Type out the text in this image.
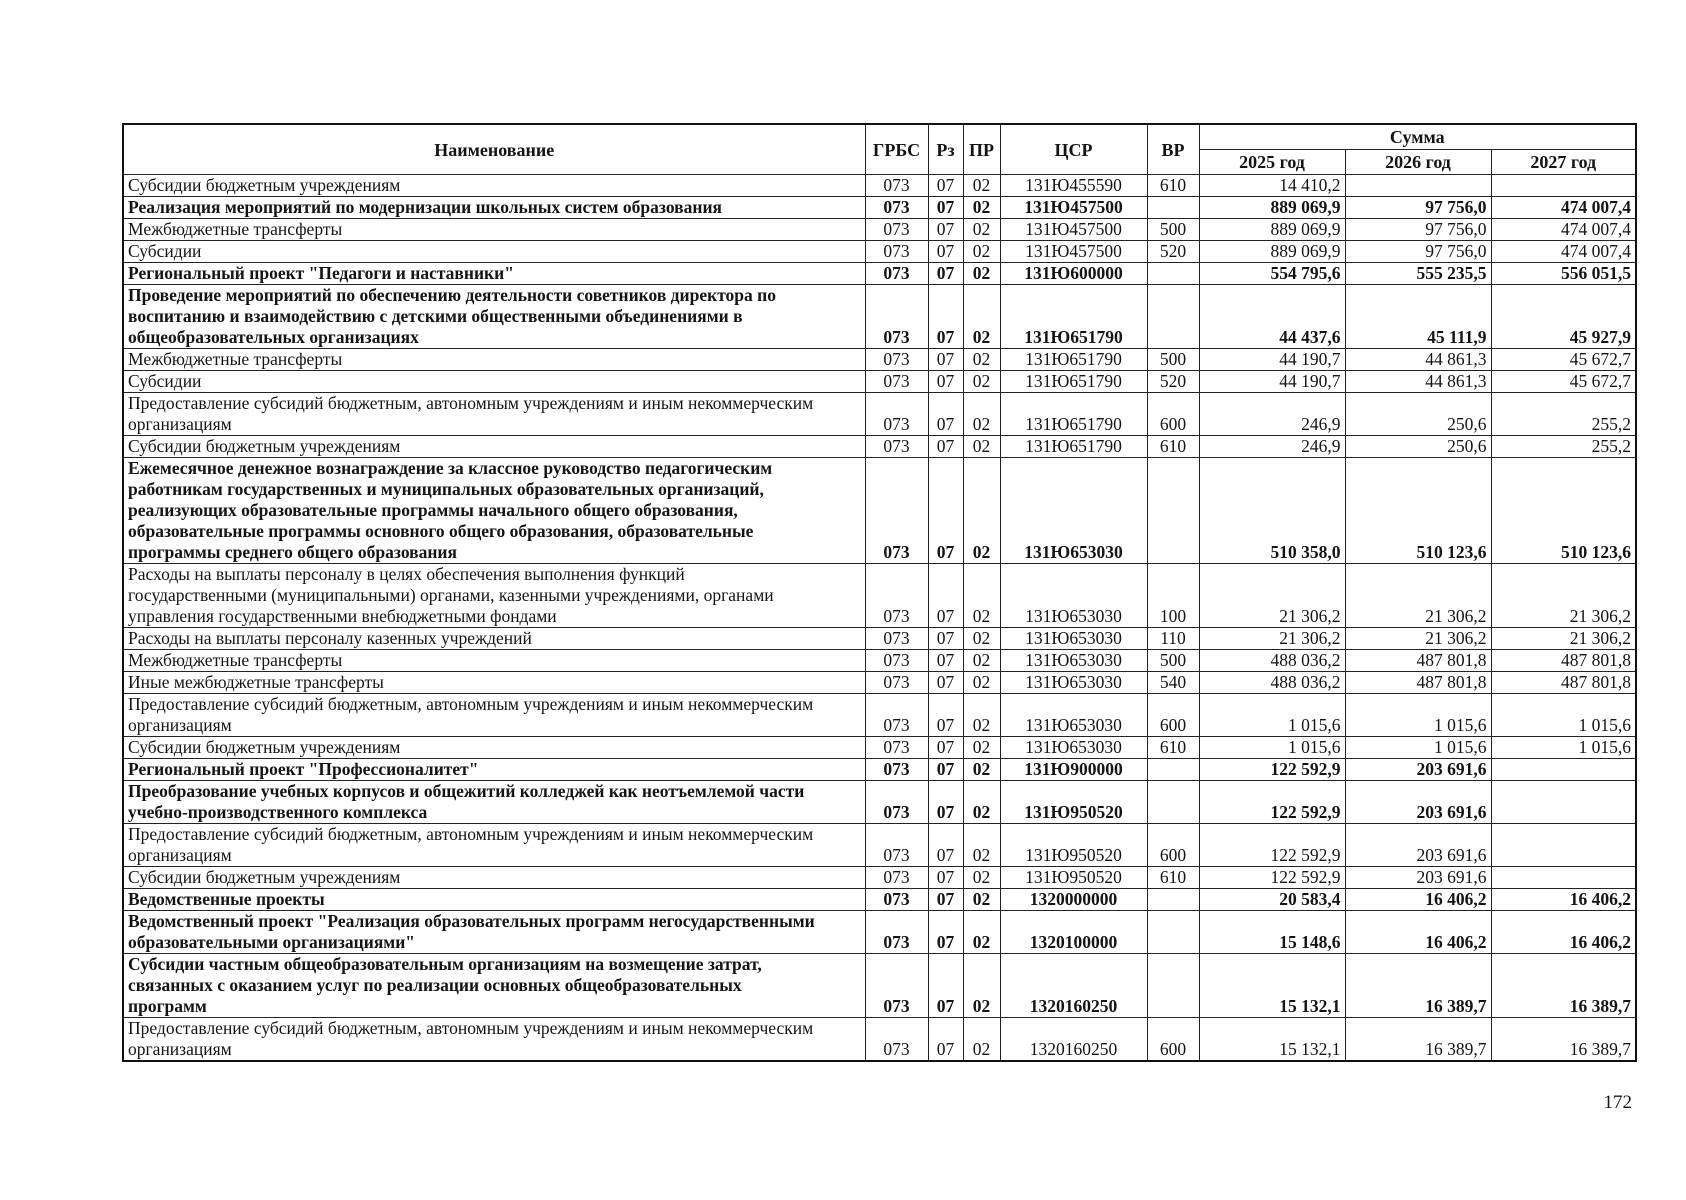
Наименование	ГРБС	Рз	ПР	ЦСР	ВР	Сумма		
						2025 год	2026 год	2027 год

Субсидии бюджетным учреждениям	073	07	02	131Ю455590	610	14 410,2		

Реализация мероприятий по модернизации школьных систем образования	073	07	02	131Ю457500		889 069,9	97 756,0	474 007,4

Межбюджетные трансферты	073	07	02	131Ю457500	500	889 069,9	97 756,0	474 007,4

Субсидии	073	07	02	131Ю457500	520	889 069,9	97 756,0	474 007,4

Региональный проект "Педагоги и наставники"	073	07	02	131Ю600000		554 795,6	555 235,5	556 051,5

Проведение мероприятий по обеспечению деятельности советников директора по
воспитанию и взаимодействию с детскими общественными объединениями в
общеобразовательных организациях	073	07	02	131Ю651790		44 437,6	45 111,9	45 927,9

Межбюджетные трансферты	073	07	02	131Ю651790	500	44 190,7	44 861,3	45 672,7

Субсидии	073	07	02	131Ю651790	520	44 190,7	44 861,3	45 672,7

Предоставление субсидий бюджетным, автономным учреждениям и иным некоммерческим
организациям	073	07	02	131Ю651790	600	246,9	250,6	255,2

Субсидии бюджетным учреждениям	073	07	02	131Ю651790	610	246,9	250,6	255,2

Ежемесячное денежное вознаграждение за классное руководство педагогическим
работникам государственных и муниципальных образовательных организаций,
реализующих образовательные программы начального общего образования,
образовательные программы основного общего образования, образовательные
программы среднего общего образования	073	07	02	131Ю653030		510 358,0	510 123,6	510 123,6

Расходы на выплаты персоналу в целях обеспечения выполнения функций
государственными (муниципальными) органами, казенными учреждениями, органами
управления государственными внебюджетными фондами	073	07	02	131Ю653030	100	21 306,2	21 306,2	21 306,2

Расходы на выплаты персоналу казенных учреждений	073	07	02	131Ю653030	110	21 306,2	21 306,2	21 306,2

Межбюджетные трансферты	073	07	02	131Ю653030	500	488 036,2	487 801,8	487 801,8

Иные межбюджетные трансферты	073	07	02	131Ю653030	540	488 036,2	487 801,8	487 801,8

Предоставление субсидий бюджетным, автономным учреждениям и иным некоммерческим
организациям	073	07	02	131Ю653030	600	1 015,6	1 015,6	1 015,6

Субсидии бюджетным учреждениям	073	07	02	131Ю653030	610	1 015,6	1 015,6	1 015,6

Региональный проект "Профессионалитет"	073	07	02	131Ю900000		122 592,9	203 691,6	

Преобразование учебных корпусов и общежитий колледжей как неотъемлемой части
учебно-производственного комплекса	073	07	02	131Ю950520		122 592,9	203 691,6	

Предоставление субсидий бюджетным, автономным учреждениям и иным некоммерческим
организациям	073	07	02	131Ю950520	600	122 592,9	203 691,6	

Субсидии бюджетным учреждениям	073	07	02	131Ю950520	610	122 592,9	203 691,6	

Ведомственные проекты	073	07	02	1320000000		20 583,4	16 406,2	16 406,2

Ведомственный проект "Реализация образовательных программ негосударственными
образовательными организациями"	073	07	02	1320100000		15 148,6	16 406,2	16 406,2

Субсидии частным общеобразовательным организациям на возмещение затрат,
связанных с оказанием услуг по реализации основных общеобразовательных
программ	073	07	02	1320160250		15 132,1	16 389,7	16 389,7

Предоставление субсидий бюджетным, автономным учреждениям и иным некоммерческим
организациям	073	07	02	1320160250	600	15 132,1	16 389,7	16 389,7
172
